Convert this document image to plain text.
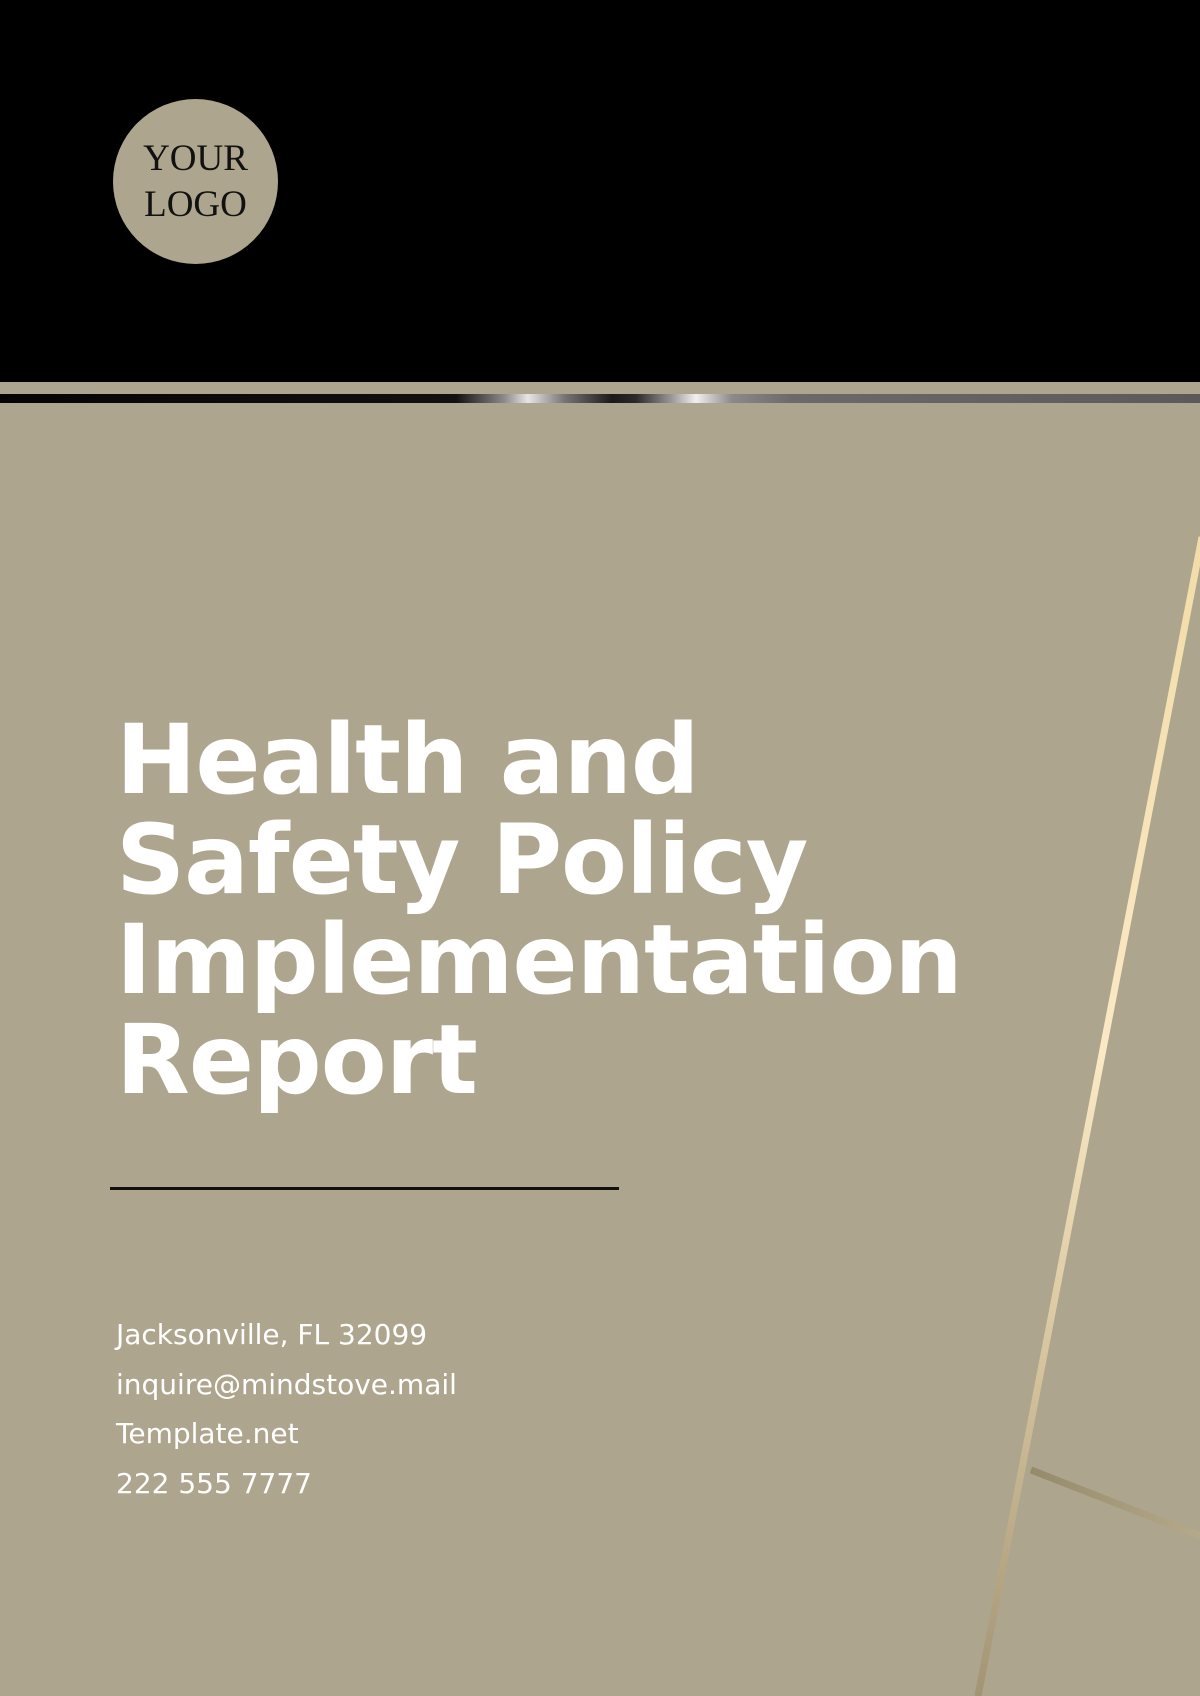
YOUR
LOGO
Health and
Safety Policy
Implementation
Report
Jacksonville, FL 32099
inquire@mindstove.mail
Template.net
222 555 7777
